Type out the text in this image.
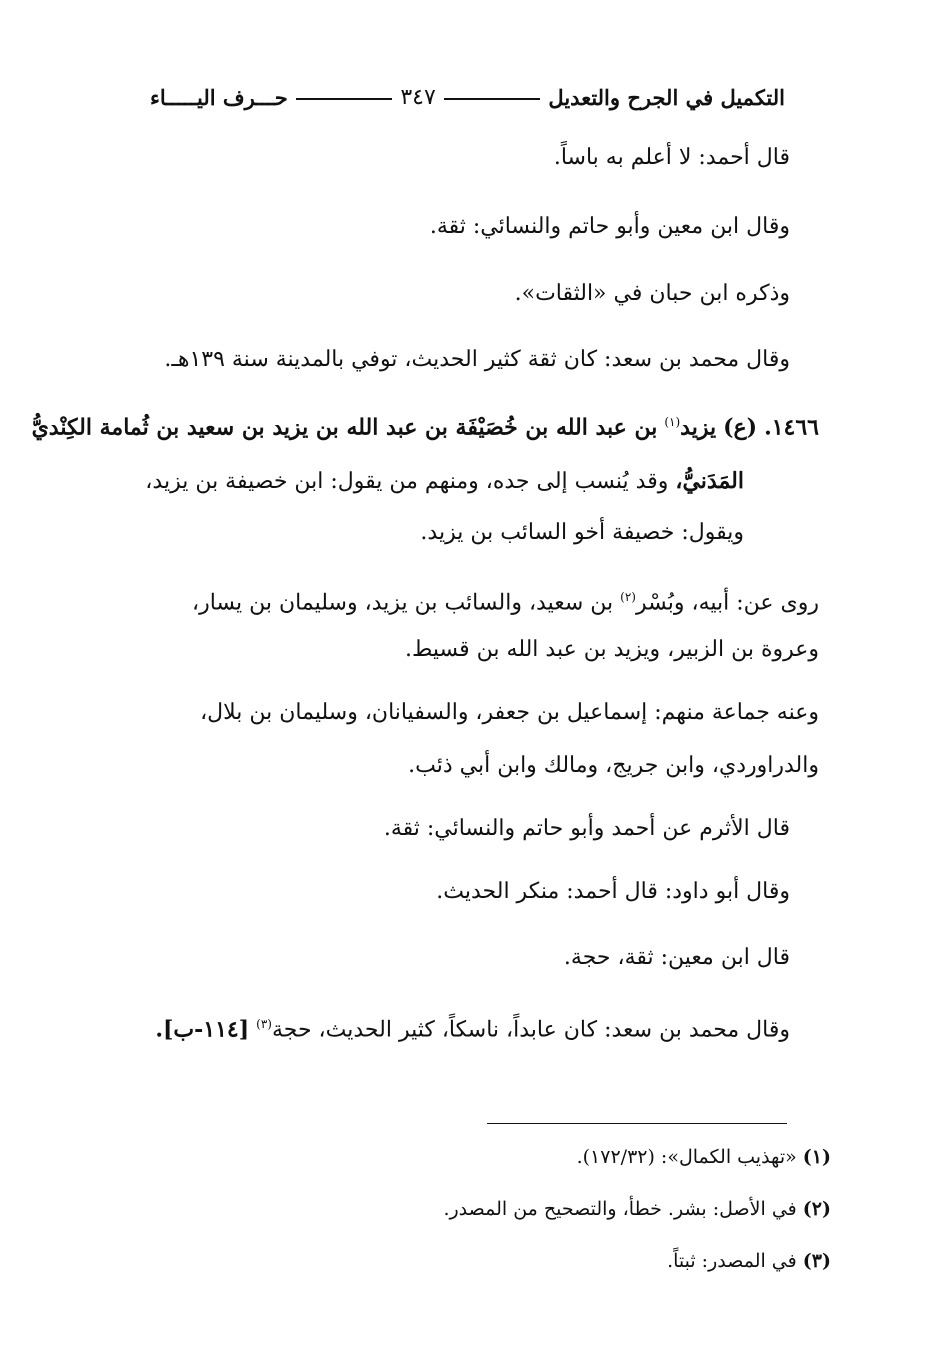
التكميل في الجرح والتعديل
٣٤٧
حـــرف اليـــــاء
قال أحمد: لا أعلم به باساً.
وقال ابن معين وأبو حاتم والنسائي: ثقة.
وذكره ابن حبان في «الثقات».
وقال محمد بن سعد: كان ثقة كثير الحديث، توفي بالمدينة سنة ١٣٩هـ.
١٤٦٦. (ع) يزيد$^{(١)}$ بن عبد الله بن خُصَيْفَة بن عبد الله بن يزيد بن سعيد بن ثُمامة الكِنْديُّ
المَدَنيُّ، وقد يُنسب إلى جده، ومنهم من يقول: ابن خصيفة بن يزيد،
ويقول: خصيفة أخو السائب بن يزيد.
روى عن: أبيه، وبُسْر$^{(٢)}$ بن سعيد، والسائب بن يزيد، وسليمان بن يسار،
وعروة بن الزبير، ويزيد بن عبد الله بن قسيط.
وعنه جماعة منهم: إسماعيل بن جعفر، والسفيانان، وسليمان بن بلال،
والدراوردي، وابن جريج، ومالك وابن أبي ذئب.
قال الأثرم عن أحمد وأبو حاتم والنسائي: ثقة.
وقال أبو داود: قال أحمد: منكر الحديث.
قال ابن معين: ثقة، حجة.
وقال محمد بن سعد: كان عابداً، ناسكاً، كثير الحديث، حجة$^{(٣)}$ [١١٤-ب].
(١) «تهذيب الكمال»: (١٧٢/٣٢).
(٢) في الأصل: بشر. خطأ، والتصحيح من المصدر.
(٣) في المصدر: ثبتاً.
